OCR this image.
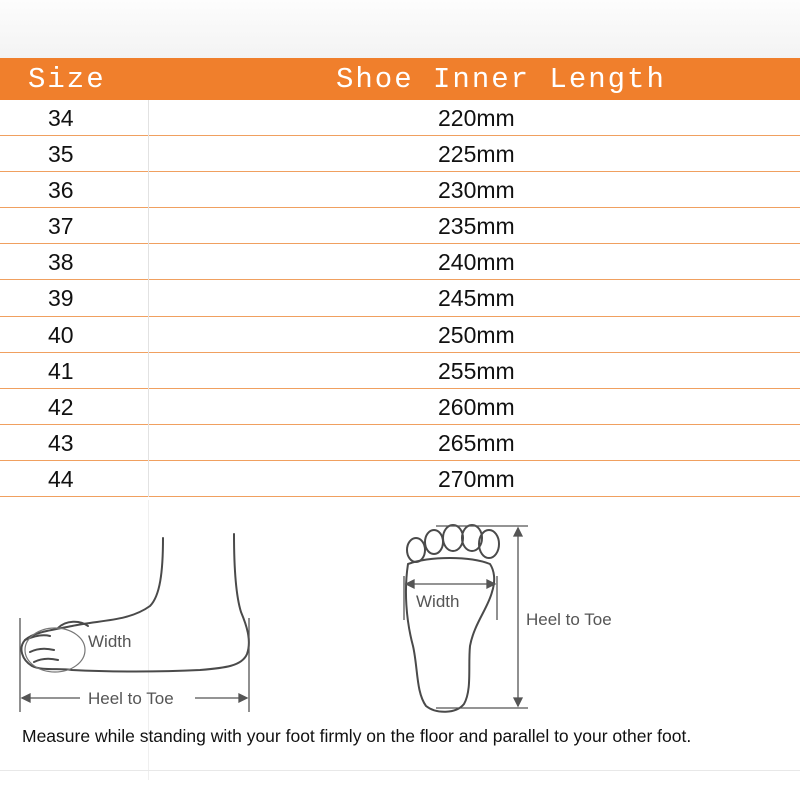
Size	Shoe Inner Length
34	220mm
35	225mm
36	230mm
37	235mm
38	240mm
39	245mm
40	250mm
41	255mm
42	260mm
43	265mm
44	270mm
Width
Heel to Toe
Width
Heel to Toe
Measure while standing with your foot firmly on the floor and parallel to your other foot.
